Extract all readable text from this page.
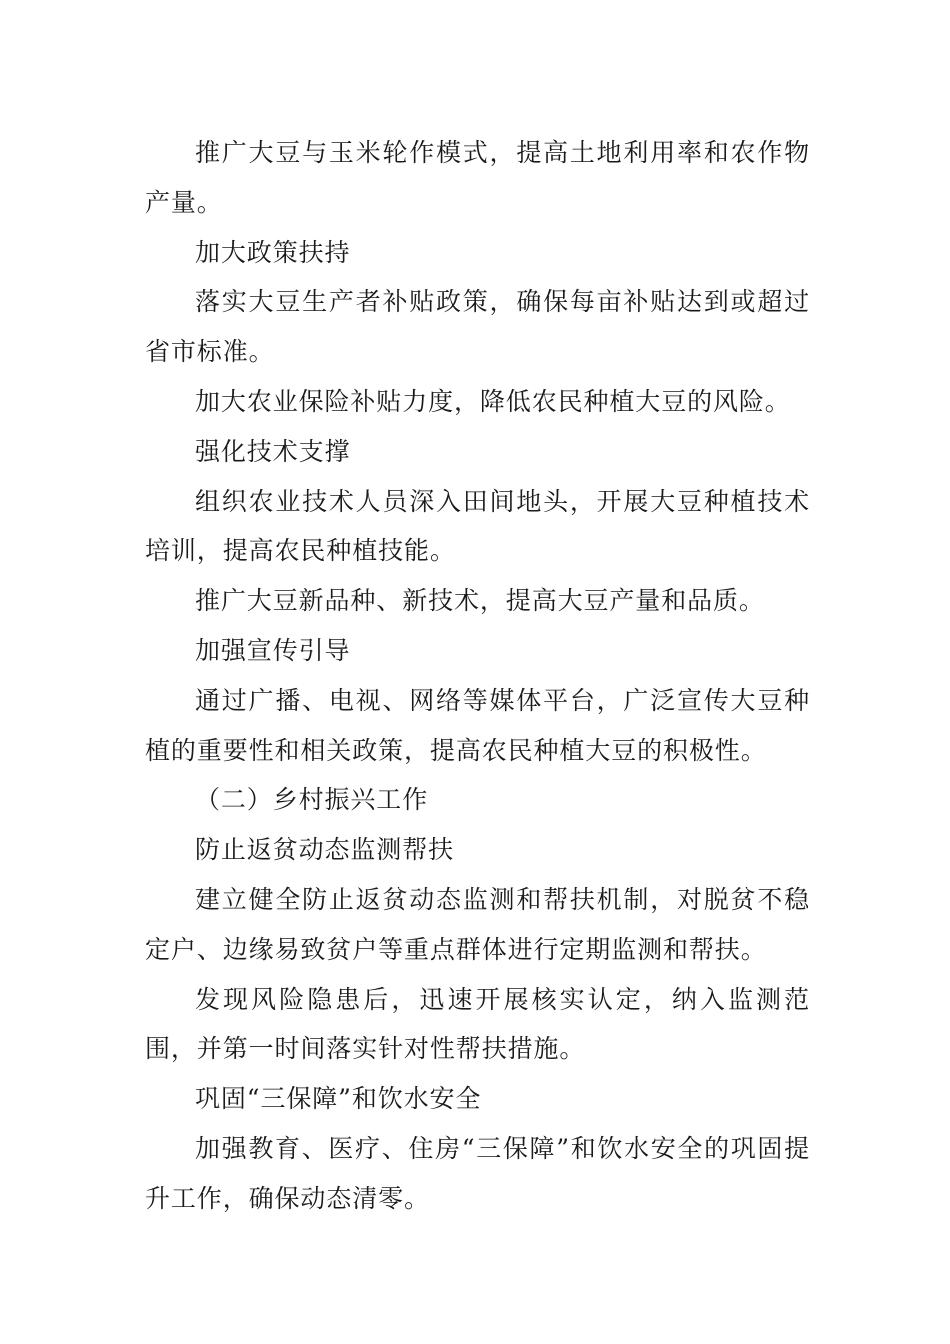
推广大豆与玉米轮作模式，提高土地利用率和农作物产量。

加大政策扶持

落实大豆生产者补贴政策，确保每亩补贴达到或超过省市标准。

加大农业保险补贴力度，降低农民种植大豆的风险。

强化技术支撑

组织农业技术人员深入田间地头，开展大豆种植技术培训，提高农民种植技能。

推广大豆新品种、新技术，提高大豆产量和品质。

加强宣传引导

通过广播、电视、网络等媒体平台，广泛宣传大豆种植的重要性和相关政策，提高农民种植大豆的积极性。

（二）乡村振兴工作

防止返贫动态监测帮扶

建立健全防止返贫动态监测和帮扶机制，对脱贫不稳定户、边缘易致贫户等重点群体进行定期监测和帮扶。

发现风险隐患后，迅速开展核实认定，纳入监测范围，并第一时间落实针对性帮扶措施。

巩固“三保障”和饮水安全

加强教育、医疗、住房“三保障”和饮水安全的巩固提升工作，确保动态清零。
